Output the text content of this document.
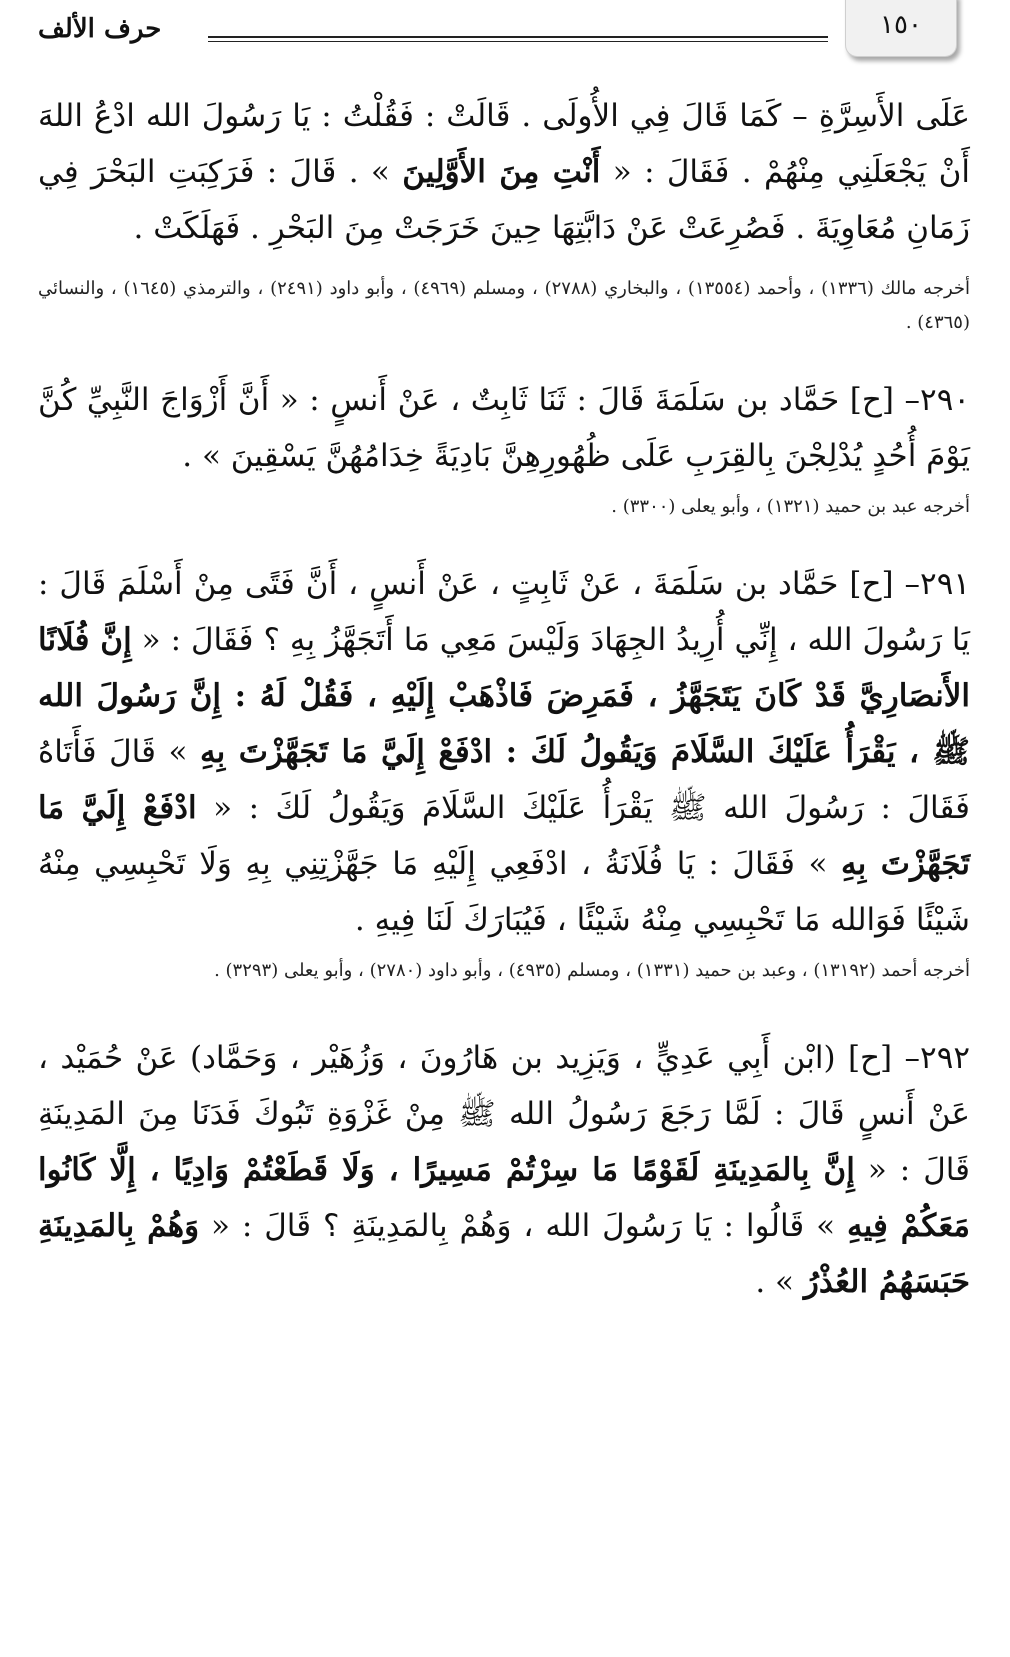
١٥٠
حرف الألف

عَلَى الأَسِرَّةِ – كَمَا قَالَ فِي الأُولَى . قَالَتْ : فَقُلْتُ : يَا رَسُولَ الله ادْعُ اللهَ أَنْ يَجْعَلَنِي مِنْهُمْ . فَقَالَ : « أَنْتِ مِنَ الأَوَّلِينَ » . قَالَ : فَرَكِبَتِ البَحْرَ فِي زَمَانِ مُعَاوِيَةَ . فَصُرِعَتْ عَنْ دَابَّتِهَا حِينَ خَرَجَتْ مِنَ البَحْرِ . فَهَلَكَتْ .

أخرجه مالك (١٣٣٦) ، وأحمد (١٣٥٥٤) ، والبخاري (٢٧٨٨) ، ومسلم (٤٩٦٩) ، وأبو داود (٢٤٩١) ، والترمذي (١٦٤٥) ، والنسائي (٤٣٦٥) .

٢٩٠– [ح] حَمَّاد بن سَلَمَةَ قَالَ : ثَنَا ثَابِتٌ ، عَنْ أَنسٍ : « أَنَّ أَزْوَاجَ النَّبِيِّ كُنَّ يَوْمَ أُحُدٍ يُدْلِجْنَ بِالقِرَبِ عَلَى ظُهُورِهِنَّ بَادِيَةً خِدَامُهُنَّ يَسْقِينَ » .

أخرجه عبد بن حميد (١٣٢١) ، وأبو يعلى (٣٣٠٠) .

٢٩١– [ح] حَمَّاد بن سَلَمَةَ ، عَنْ ثَابِتٍ ، عَنْ أَنسٍ ، أَنَّ فَتًى مِنْ أَسْلَمَ قَالَ : يَا رَسُولَ الله ، إِنِّي أُرِيدُ الجِهَادَ وَلَيْسَ مَعِي مَا أَتَجَهَّزُ بِهِ ؟ فَقَالَ : « إِنَّ فُلَانًا الأَنصَارِيَّ قَدْ كَانَ يَتَجَهَّزُ ، فَمَرِضَ فَاذْهَبْ إِلَيْهِ ، فَقُلْ لَهُ : إِنَّ رَسُولَ الله ﷺ ، يَقْرَأُ عَلَيْكَ السَّلَامَ وَيَقُولُ لَكَ : ادْفَعْ إِلَيَّ مَا تَجَهَّزْتَ بِهِ » قَالَ فَأَتَاهُ فَقَالَ : رَسُولَ الله ﷺ يَقْرَأُ عَلَيْكَ السَّلَامَ وَيَقُولُ لَكَ : « ادْفَعْ إِلَيَّ مَا تَجَهَّزْتَ بِهِ » فَقَالَ : يَا فُلَانَةُ ، ادْفَعِي إِلَيْهِ مَا جَهَّزْتِنِي بِهِ وَلَا تَحْبِسِي مِنْهُ شَيْئًا فَوَالله مَا تَحْبِسِي مِنْهُ شَيْئًا ، فَيُبَارَكَ لَنَا فِيهِ .

أخرجه أحمد (١٣١٩٢) ، وعبد بن حميد (١٣٣١) ، ومسلم (٤٩٣٥) ، وأبو داود (٢٧٨٠) ، وأبو يعلى (٣٢٩٣) .

٢٩٢– [ح] (ابْن أَبِي عَدِيٍّ ، وَيَزِيد بن هَارُونَ ، وَزُهَيْر ، وَحَمَّاد) عَنْ حُمَيْد ، عَنْ أَنسٍ قَالَ : لَمَّا رَجَعَ رَسُولُ الله ﷺ مِنْ غَزْوَةِ تَبُوكَ فَدَنَا مِنَ المَدِينَةِ قَالَ : « إِنَّ بِالمَدِينَةِ لَقَوْمًا مَا سِرْتُمْ مَسِيرًا ، وَلَا قَطَعْتُمْ وَادِيًا ، إِلَّا كَانُوا مَعَكُمْ فِيهِ » قَالُوا : يَا رَسُولَ الله ، وَهُمْ بِالمَدِينَةِ ؟ قَالَ : « وَهُمْ بِالمَدِينَةِ حَبَسَهُمُ العُذْرُ » .
